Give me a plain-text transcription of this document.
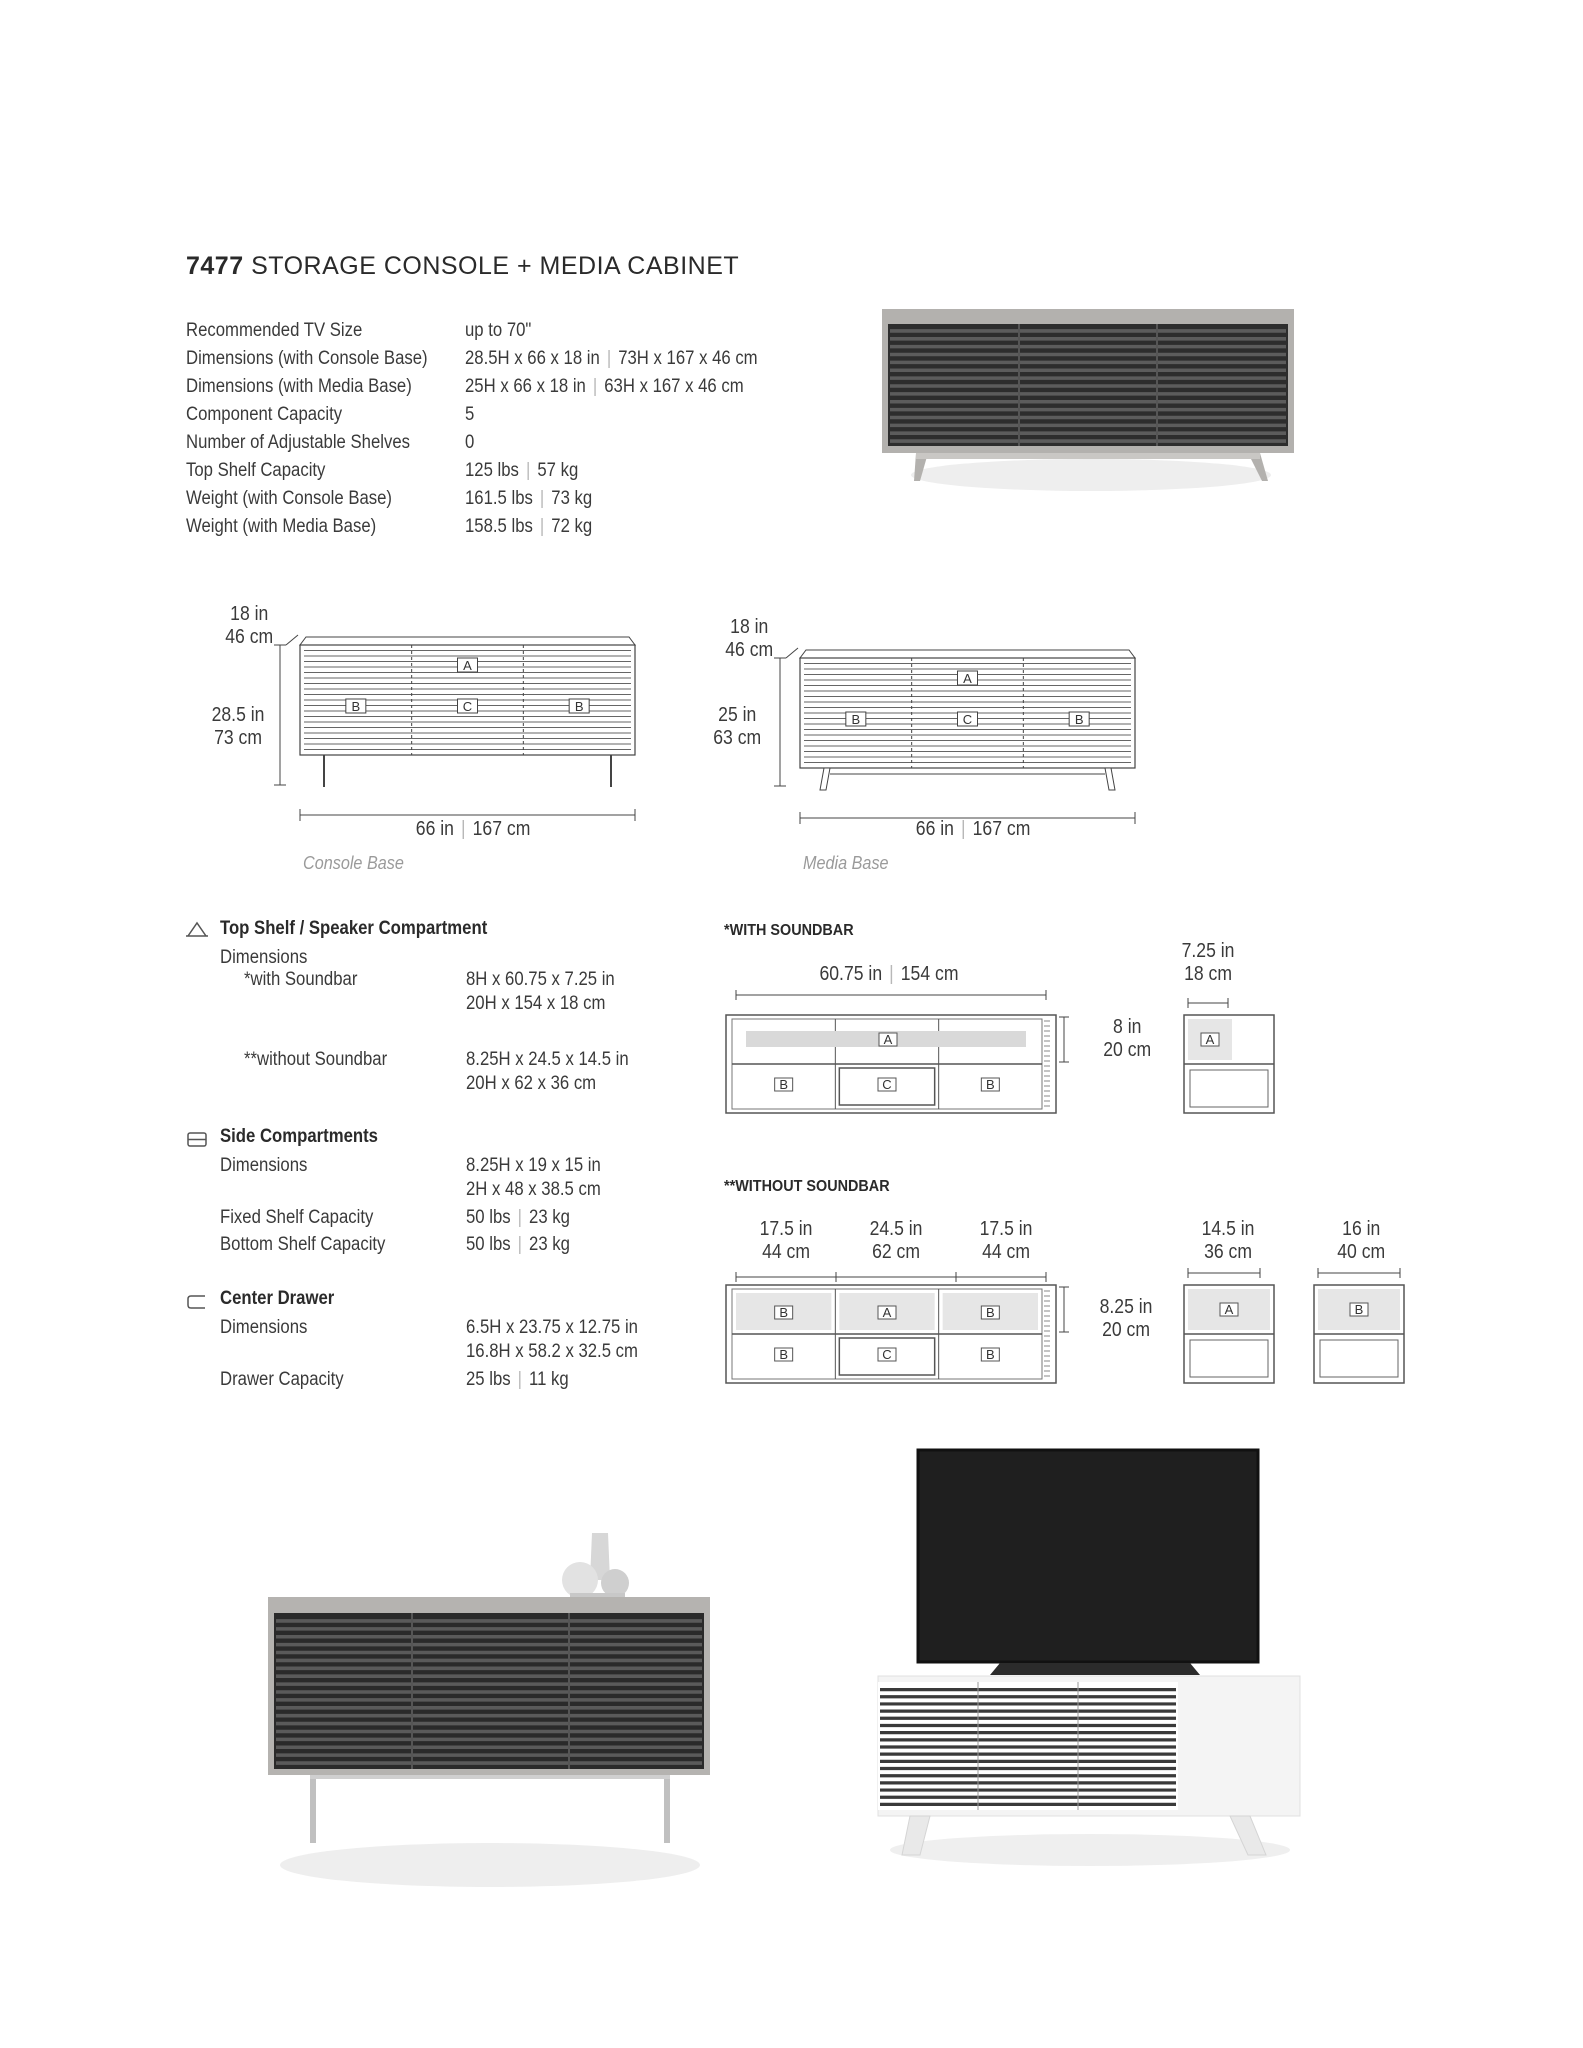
7477 STORAGE CONSOLE + MEDIA CABINET
Recommended TV Size	up to 70"
Dimensions (with Console Base) 28.5H x 66 x 18 in | 73H x 167 x 46 cm
Dimensions (with Media Base)	25H x 66 x 18 in | 63H x 167 x 46 cm
Component Capacity	5
Number of Adjustable Shelves	0
Top Shelf Capacity	125 lbs | 57 kg
Weight (with Console Base)	161.5 lbs | 73 kg
Weight (with Media Base)	158.5 lbs | 72 kg
A
B	C	B
18 in
46 cm
28.5 in
73 cm
66 in | 167 cm
Console Base
A
B	C	B
18 in
46 cm
25 in
63 cm
66 in | 167 cm
Media Base
Top Shelf / Speaker Compartment
Dimensions
*with Soundbar	8H x 60.75 x 7.25 in
20H x 154 x 18 cm
**without Soundbar	8.25H x 24.5 x 14.5 in
20H x 62 x 36 cm
Side Compartments
Dimensions	8.25H x 19 x 15 in
2H x 48 x 38.5 cm
Fixed Shelf Capacity	50 lbs | 23 kg
Bottom Shelf Capacity	50 lbs | 23 kg
Center Drawer
Dimensions	6.5H x 23.75 x 12.75 in
16.8H x 58.2 x 32.5 cm
Drawer Capacity	25 lbs | 11 kg
*WITH SOUNDBAR
60.75 in | 154 cm
7.25 in
18 cm
8 in
20 cm
A
B	C	B
A
**WITHOUT SOUNDBAR
17.5 in
44 cm
24.5 in
62 cm
17.5 in
44 cm
14.5 in
36 cm
16 in
40 cm
8.25 in
20 cm
B	A	B
B	C	B
A	B
